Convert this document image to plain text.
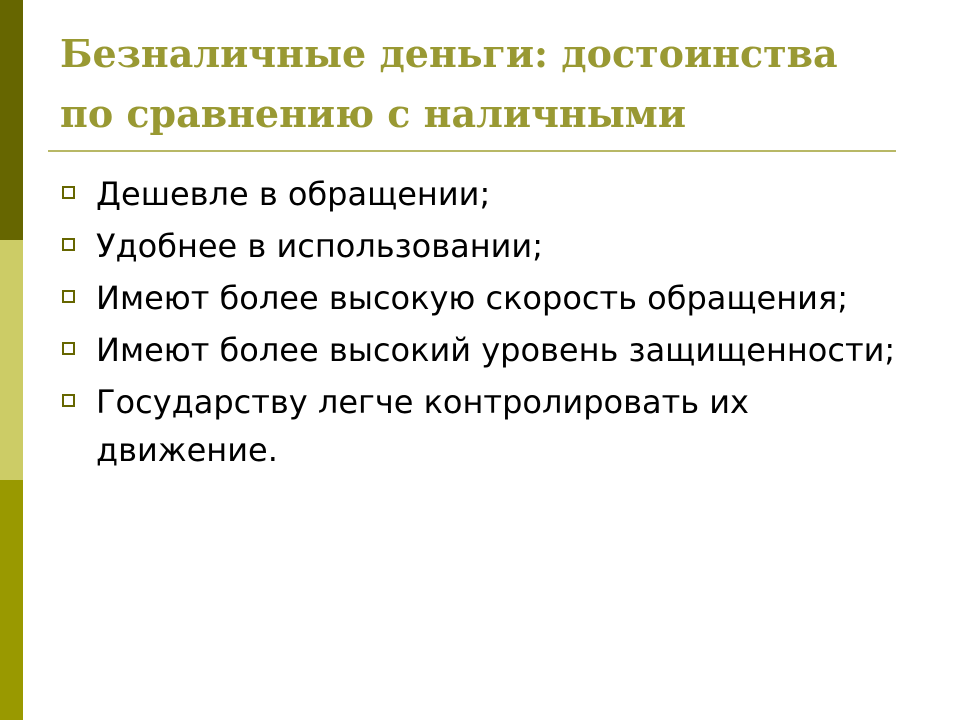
Безналичные деньги: достоинства по сравнению с наличными
Дешевле в обращении;
Удобнее в использовании;
Имеют более высокую скорость обращения;
Имеют более высокий уровень защищенности;
Государству легче контролировать их движение.
